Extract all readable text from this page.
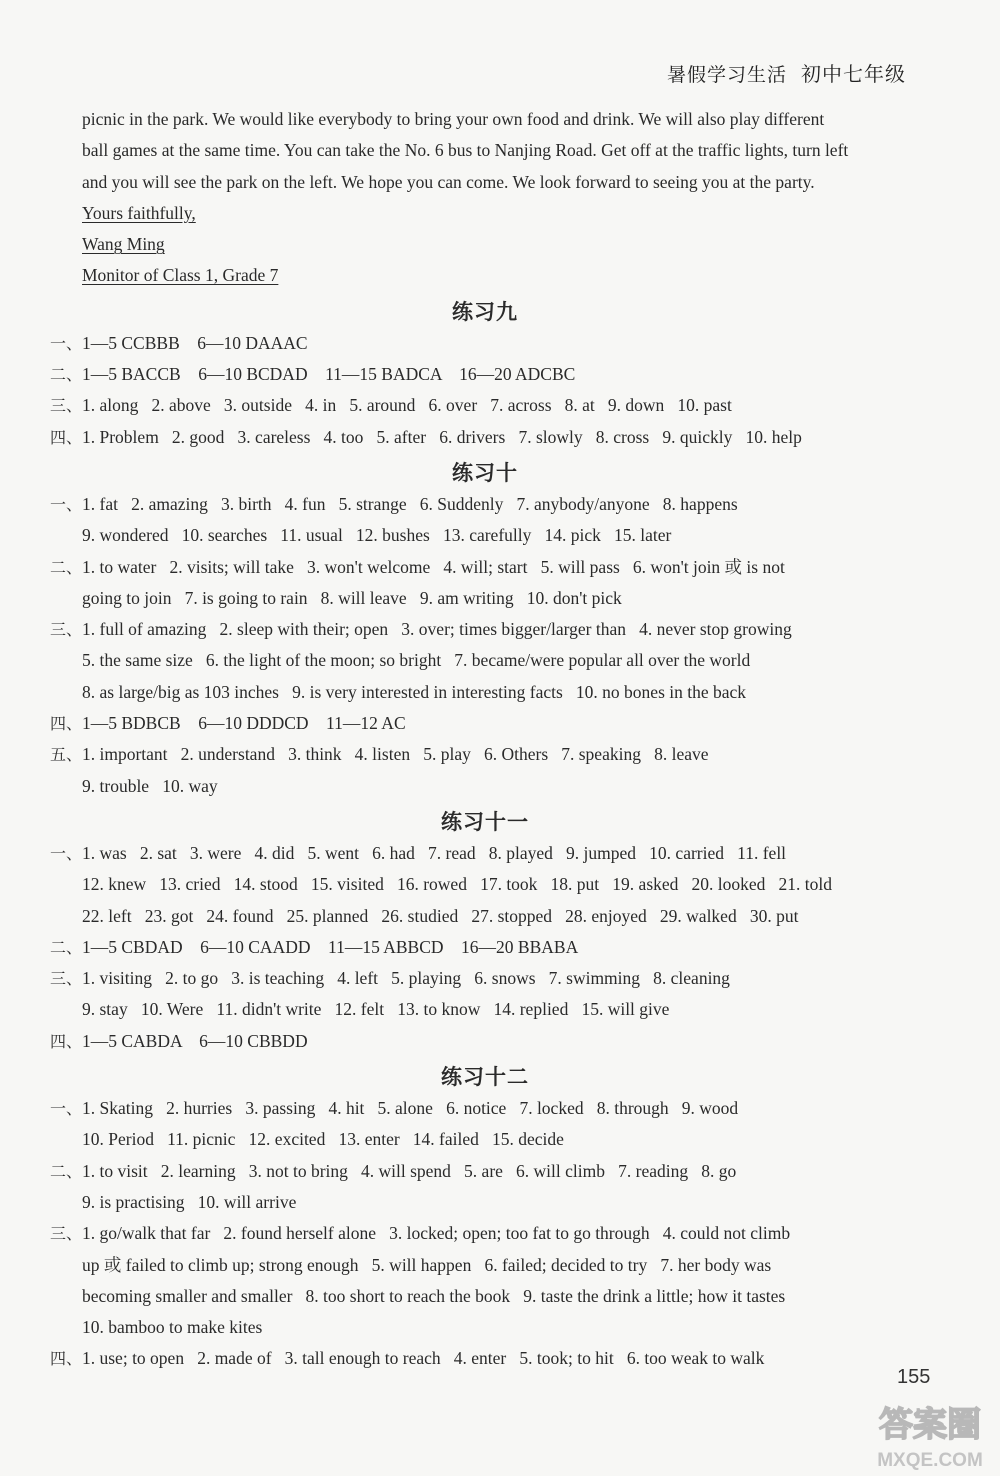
暑假学习生活 初中七年级
picnic in the park. We would like everybody to bring your own food and drink. We will also play different
ball games at the same time. You can take the No. 6 bus to Nanjing Road. Get off at the traffic lights, turn left
and you will see the park on the left. We hope you can come. We look forward to seeing you at the party.
Yours faithfully,
Wang Ming
Monitor of Class 1, Grade 7
练习九
一、 1—5 CCBBB    6—10 DAAAC
二、 1—5 BACCB    6—10 BCDAD    11—15 BADCA    16—20 ADCBC
三、 1. along   2. above   3. outside   4. in   5. around   6. over   7. across   8. at   9. down   10. past
四、 1. Problem   2. good   3. careless   4. too   5. after   6. drivers   7. slowly   8. cross   9. quickly   10. help
练习十
一、 1. fat   2. amazing   3. birth   4. fun   5. strange   6. Suddenly   7. anybody/anyone   8. happens
9. wondered   10. searches   11. usual   12. bushes   13. carefully   14. pick   15. later
二、 1. to water   2. visits; will take   3. won't welcome   4. will; start   5. will pass   6. won't join 或 is not
going to join   7. is going to rain   8. will leave   9. am writing   10. don't pick
三、 1. full of amazing   2. sleep with their; open   3. over; times bigger/larger than   4. never stop growing
5. the same size   6. the light of the moon; so bright   7. became/were popular all over the world
8. as large/big as 103 inches   9. is very interested in interesting facts   10. no bones in the back
四、 1—5 BDBCB    6—10 DDDCD    11—12 AC
五、 1. important   2. understand   3. think   4. listen   5. play   6. Others   7. speaking   8. leave
9. trouble   10. way
练习十一
一、 1. was   2. sat   3. were   4. did   5. went   6. had   7. read   8. played   9. jumped   10. carried   11. fell
12. knew   13. cried   14. stood   15. visited   16. rowed   17. took   18. put   19. asked   20. looked   21. told
22. left   23. got   24. found   25. planned   26. studied   27. stopped   28. enjoyed   29. walked   30. put
二、 1—5 CBDAD    6—10 CAADD    11—15 ABBCD    16—20 BBABA
三、 1. visiting   2. to go   3. is teaching   4. left   5. playing   6. snows   7. swimming   8. cleaning
9. stay   10. Were   11. didn't write   12. felt   13. to know   14. replied   15. will give
四、 1—5 CABDA    6—10 CBBDD
练习十二
一、 1. Skating   2. hurries   3. passing   4. hit   5. alone   6. notice   7. locked   8. through   9. wood
10. Period   11. picnic   12. excited   13. enter   14. failed   15. decide
二、 1. to visit   2. learning   3. not to bring   4. will spend   5. are   6. will climb   7. reading   8. go
9. is practising   10. will arrive
三、 1. go/walk that far   2. found herself alone   3. locked; open; too fat to go through   4. could not climb
up 或 failed to climb up; strong enough   5. will happen   6. failed; decided to try   7. her body was
becoming smaller and smaller   8. too short to reach the book   9. taste the drink a little; how it tastes
10. bamboo to make kites
四、 1. use; to open   2. made of   3. tall enough to reach   4. enter   5. took; to hit   6. too weak to walk
155
答案圈
MXQE.COM
